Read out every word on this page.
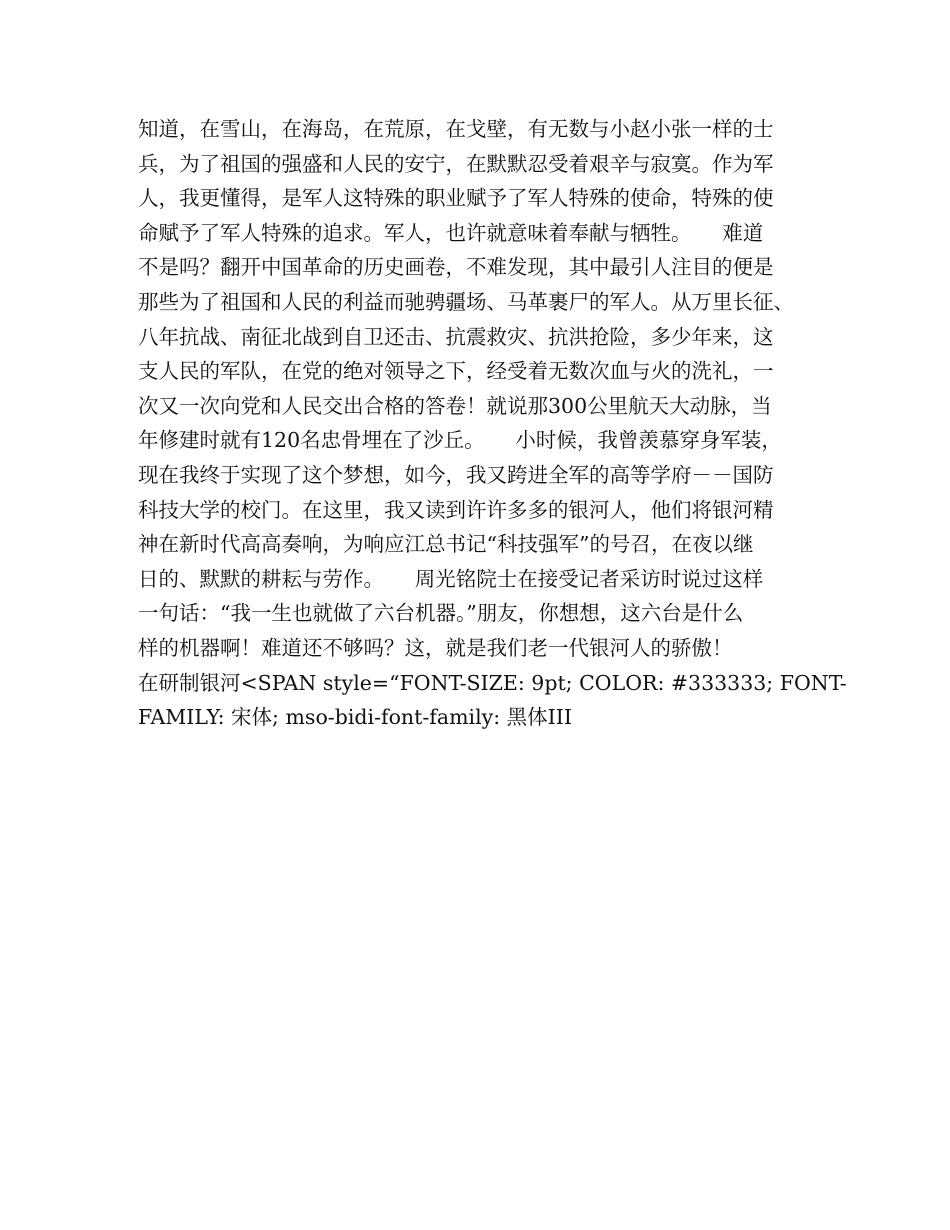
知道，在雪山，在海岛，在荒原，在戈壁，有无数与小赵小张一样的士
兵，为了祖国的强盛和人民的安宁，在默默忍受着艰辛与寂寞。作为军
人，我更懂得，是军人这特殊的职业赋予了军人特殊的使命，特殊的使
命赋予了军人特殊的追求。军人，也许就意味着奉献与牺牲。　　难道
不是吗？翻开中国革命的历史画卷，不难发现，其中最引人注目的便是
那些为了祖国和人民的利益而驰骋疆场、马革裹尸的军人。从万里长征、
八年抗战、南征北战到自卫还击、抗震救灾、抗洪抢险，多少年来，这
支人民的军队，在党的绝对领导之下，经受着无数次血与火的洗礼，一
次又一次向党和人民交出合格的答卷！就说那300公里航天大动脉，当
年修建时就有120名忠骨埋在了沙丘。　　小时候，我曾羡慕穿身军装，
现在我终于实现了这个梦想，如今，我又跨进全军的高等学府－－国防
科技大学的校门。在这里，我又读到许许多多的银河人，他们将银河精
神在新时代高高奏响，为响应江总书记“科技强军”的号召，在夜以继
日的、默默的耕耘与劳作。　　周光铭院士在接受记者采访时说过这样
一句话：“我一生也就做了六台机器。”朋友，你想想，这六台是什么
样的机器啊！难道还不够吗？这，就是我们老一代银河人的骄傲！
在研制银河<SPAN style=“FONT-SIZE: 9pt; COLOR: #333333; FONT-
FAMILY: 宋体; mso-bidi-font-family: 黑体III
